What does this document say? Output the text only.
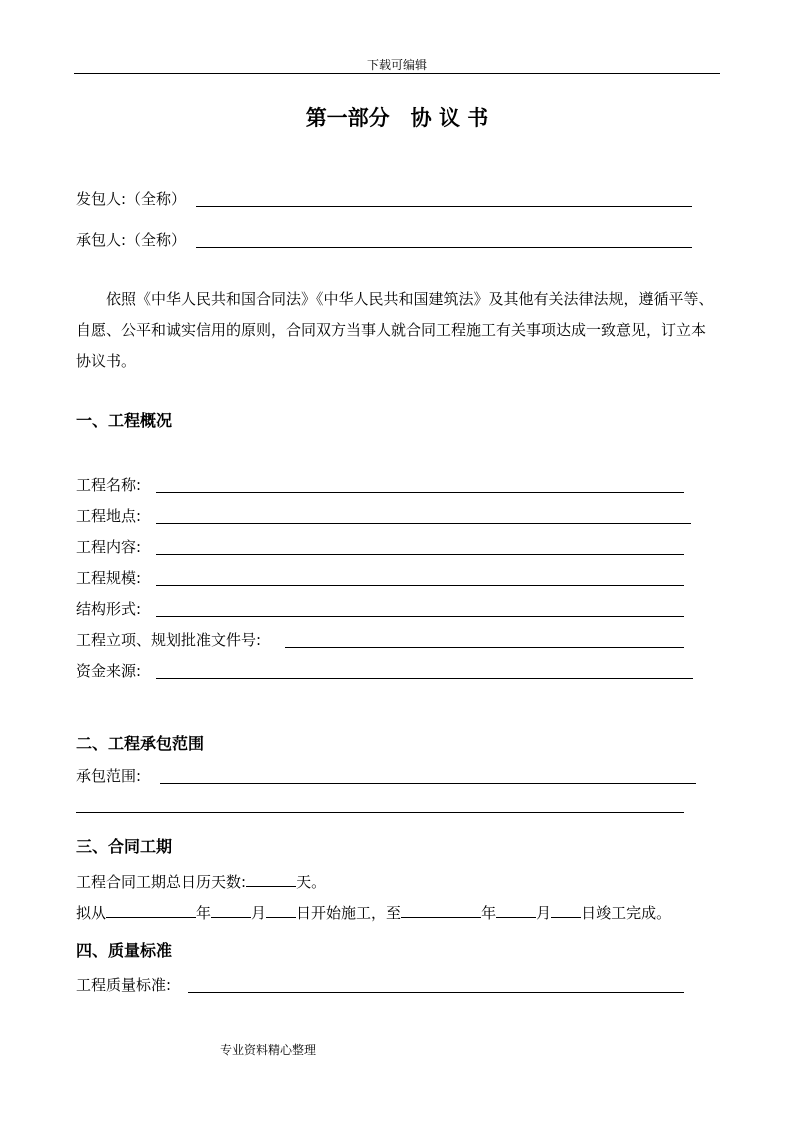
下载可编辑
第一部分　协 议 书
发包人:（全称）
承包人:（全称）
依照《中华人民共和国合同法》《中华人民共和国建筑法》及其他有关法律法规，遵循平等、自愿、公平和诚实信用的原则，合同双方当事人就合同工程施工有关事项达成一致意见，订立本协议书。
一、工程概况
工程名称:
工程地点:
工程内容:
工程规模:
结构形式:
工程立项、规划批准文件号:
资金来源:
二、工程承包范围
承包范围:
三、合同工期
工程合同工期总日历天数:	天。
拟从	年	月 日开始施工，至	年	月 日竣工完成。
四、质量标准
工程质量标准:
专业资料精心整理
